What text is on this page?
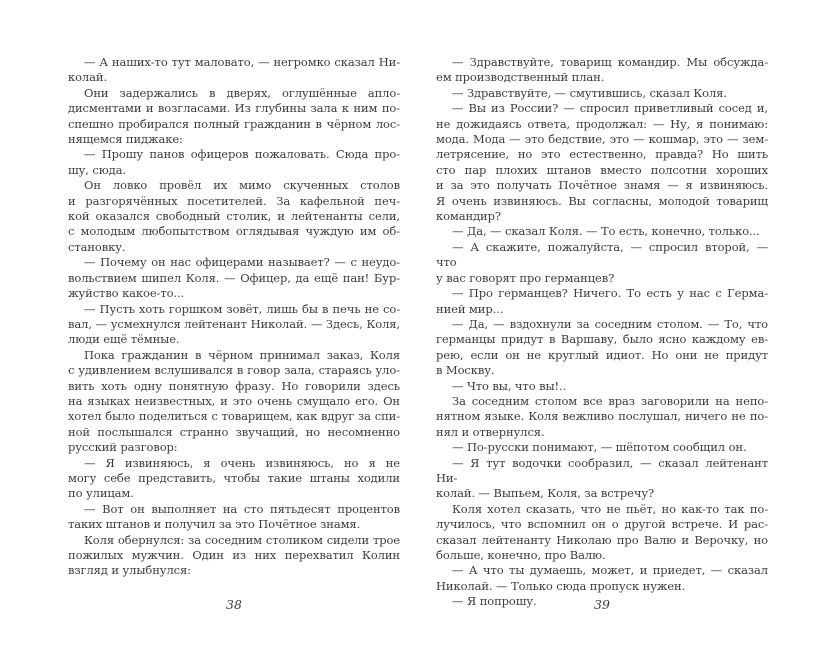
— А наших-то тут маловато, — негромко сказал Ни-
колай.
Они задержались в дверях, оглушённые апло-
дисментами и возгласами. Из глубины зала к ним по-
спешно пробирался полный гражданин в чёрном лос-
нящемся пиджаке:
— Прошу панов офицеров пожаловать. Сюда про-
шу, сюда.
Он ловко провёл их мимо скученных столов
и разгорячённых посетителей. За кафельной печ-
кой оказался свободный столик, и лейтенанты сели,
с молодым любопытством оглядывая чуждую им об-
становку.
— Почему он нас офицерами называет? — с неудо-
вольствием шипел Коля. — Офицер, да ещё пан! Бур-
жуйство какое-то...
— Пусть хоть горшком зовёт, лишь бы в печь не со-
вал, — усмехнулся лейтенант Николай. — Здесь, Коля,
люди ещё тёмные.
Пока гражданин в чёрном принимал заказ, Коля
с удивлением вслушивался в говор зала, стараясь уло-
вить хоть одну понятную фразу. Но говорили здесь
на языках неизвестных, и это очень смущало его. Он
хотел было поделиться с товарищем, как вдруг за спи-
ной послышался странно звучащий, но несомненно
русский разговор:
— Я извиняюсь, я очень извиняюсь, но я не
могу себе представить, чтобы такие штаны ходили
по улицам.
— Вот он выполняет на сто пятьдесят процентов
таких штанов и получил за это Почётное знамя.
Коля обернулся: за соседним столиком сидели трое
пожилых мужчин. Один из них перехватил Колин
взгляд и улыбнулся:
— Здравствуйте, товарищ командир. Мы обсужда-
ем производственный план.
— Здравствуйте, — смутившись, сказал Коля.
— Вы из России? — спросил приветливый сосед и,
не дожидаясь ответа, продолжал: — Ну, я понимаю:
мода. Мода — это бедствие, это — кошмар, это — зем-
летрясение, но это естественно, правда? Но шить
сто пар плохих штанов вместо полсотни хороших
и за это получать Почётное знамя — я извиняюсь.
Я очень извиняюсь. Вы согласны, молодой товарищ
командир?
— Да, — сказал Коля. — То есть, конечно, только...
— А скажите, пожалуйста, — спросил второй, — что
у вас говорят про германцев?
— Про германцев? Ничего. То есть у нас с Герма-
нией мир...
— Да, — вздохнули за соседним столом. — То, что
германцы придут в Варшаву, было ясно каждому ев-
рею, если он не круглый идиот. Но они не придут
в Москву.
— Что вы, что вы!..
За соседним столом все враз заговорили на непо-
нятном языке. Коля вежливо послушал, ничего не по-
нял и отвернулся.
— По-русски понимают, — шёпотом сообщил он.
— Я тут водочки сообразил, — сказал лейтенант Ни-
колай. — Выпьем, Коля, за встречу?
Коля хотел сказать, что не пьёт, но как-то так по-
лучилось, что вспомнил он о другой встрече. И рас-
сказал лейтенанту Николаю про Валю и Верочку, но
больше, конечно, про Валю.
— А что ты думаешь, может, и приедет, — сказал
Николай. — Только сюда пропуск нужен.
— Я попрошу.
38	39
